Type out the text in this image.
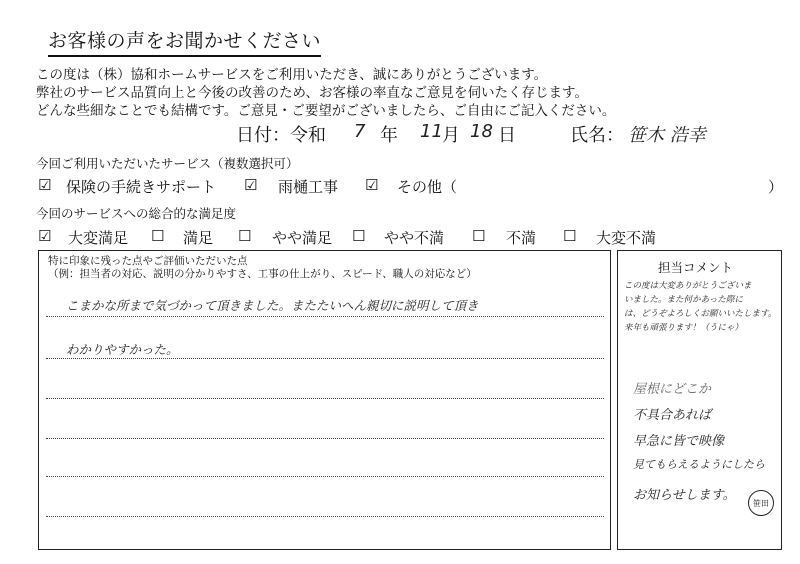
お客様の声をお聞かせください
この度は（株）協和ホームサービスをご利用いただき、誠にありがとうございます。
弊社のサービス品質向上と今後の改善のため、お客様の率直なご意見を伺いたく存じます。
どんな些細なことでも結構です。ご意見・ご要望がございましたら、ご自由にご記入ください。
日付：令和 7 年 11 月 18 日	氏名： 笹木 浩幸
今回ご利用いただいたサービス（複数選択可）
☑ 保険の手続きサポート ☑ 雨樋工事 ☑ その他（	）
今回のサービスへの総合的な満足度
☑ 大変満足 ☐ 満足 ☐ やや満足 ☐ やや不満 ☐ 不満 ☐ 大変不満
特に印象に残った点やご評価いただいた点
（例：担当者の対応、説明の分かりやすさ、工事の仕上がり、スピード、職人の対応など）
こまかな所まで気づかって頂きました。またたいへん親切に説明して頂き
わかりやすかった。
担当コメント
この度は大変ありがとうございま
いました。また何かあった際に
は、どうぞよろしくお願いいたします。
来年も頑張ります！（うにゃ）
屋根にどこか
不具合あれば
早急に皆で映像
見てもらえるようにしたら
お知らせします。 笹田
